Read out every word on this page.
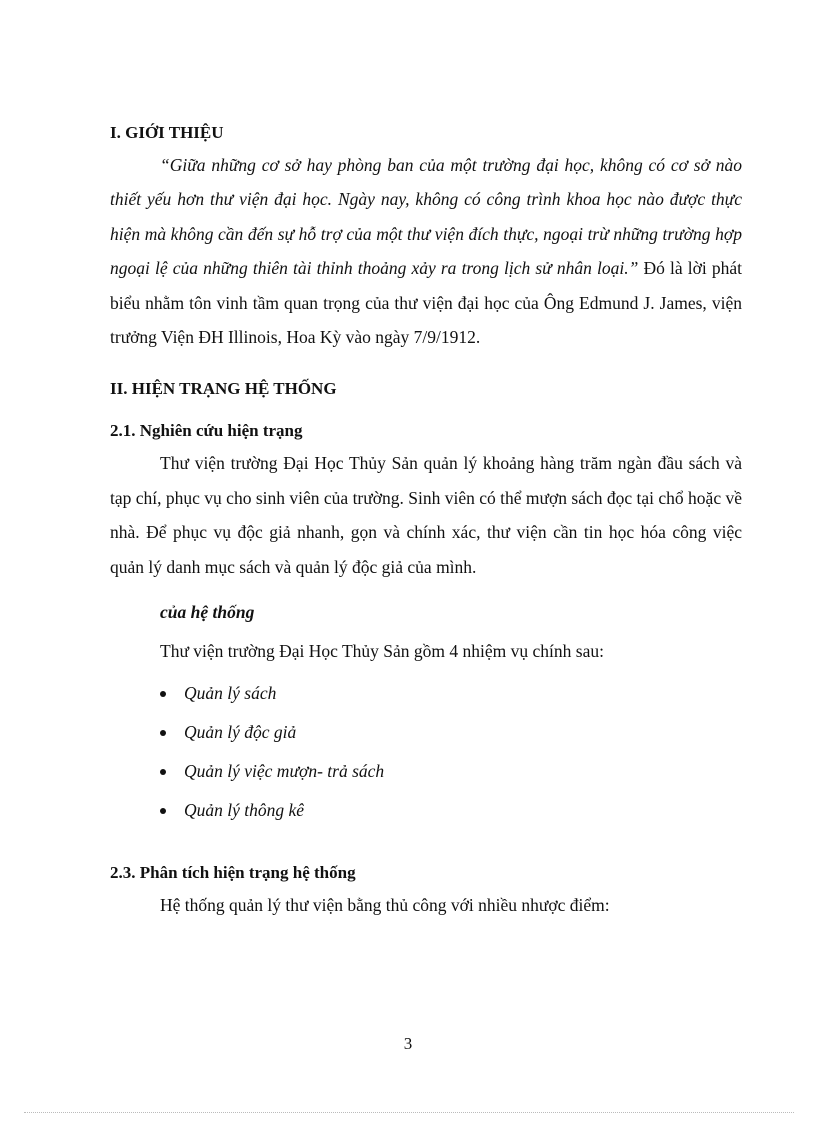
I. GIỚI THIỆU

“Giữa những cơ sở hay phòng ban của một trường đại học, không có cơ sở nào thiết yếu hơn thư viện đại học. Ngày nay, không có công trình khoa học nào được thực hiện mà không cần đến sự hỗ trợ của một thư viện đích thực, ngoại trừ những trường hợp ngoại lệ của những thiên tài thỉnh thoảng xảy ra trong lịch sử nhân loại.” Đó là lời phát biểu nhằm tôn vinh tầm quan trọng của thư viện đại học của Ông Edmund J. James, viện trưởng Viện ĐH Illinois, Hoa Kỳ vào ngày 7/9/1912.

II. HIỆN TRẠNG HỆ THỐNG
2.1. Nghiên cứu hiện trạng

Thư viện trường Đại Học Thủy Sản quản lý khoảng hàng trăm ngàn đầu sách và tạp chí, phục vụ cho sinh viên của trường. Sinh viên có thể mượn sách đọc tại chổ hoặc về nhà. Để phục vụ độc giả nhanh, gọn và chính xác, thư viện cần tin học hóa công việc quản lý danh mục sách và quản lý độc giả của mình.

của hệ thống
Thư viện trường Đại Học Thủy Sản gồm 4 nhiệm vụ chính sau:
Quản lý sách
Quản lý độc giả
Quản lý việc mượn- trả sách
Quản lý thông kê
2.3. Phân tích hiện trạng hệ thống
Hệ thống quản lý thư viện bằng thủ công với nhiều nhược điểm:
3
